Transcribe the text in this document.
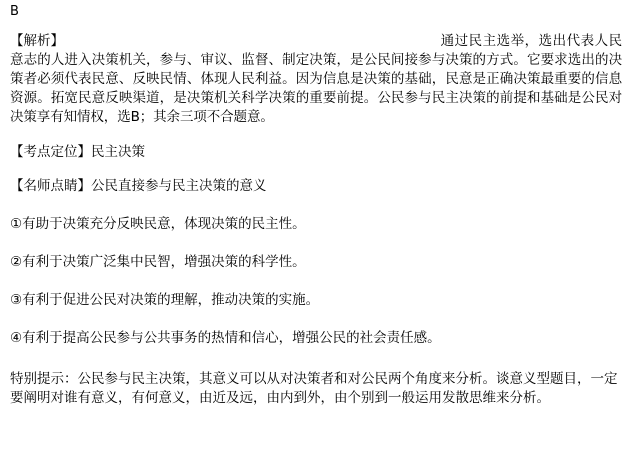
B
【解析】	通过民主选举，选出代表人民意志的人进入决策机关，参与、审议、监督、制定决策，是公民间接参与决策的方式。它要求选出的决策者必须代表民意、反映民情、体现人民利益。因为信息是决策的基础，民意是正确决策最重要的信息资源。拓宽民意反映渠道，是决策机关科学决策的重要前提。公民参与民主决策的前提和基础是公民对决策享有知情权，选B；其余三项不合题意。
【考点定位】民主决策
【名师点睛】公民直接参与民主决策的意义
①有助于决策充分反映民意，体现决策的民主性。
②有利于决策广泛集中民智，增强决策的科学性。
③有利于促进公民对决策的理解，推动决策的实施。
④有利于提高公民参与公共事务的热情和信心，增强公民的社会责任感。
特别提示：公民参与民主决策，其意义可以从对决策者和对公民两个角度来分析。谈意义型题目，一定
要阐明对谁有意义，有何意义，由近及远，由内到外，由个别到一般运用发散思维来分析。
